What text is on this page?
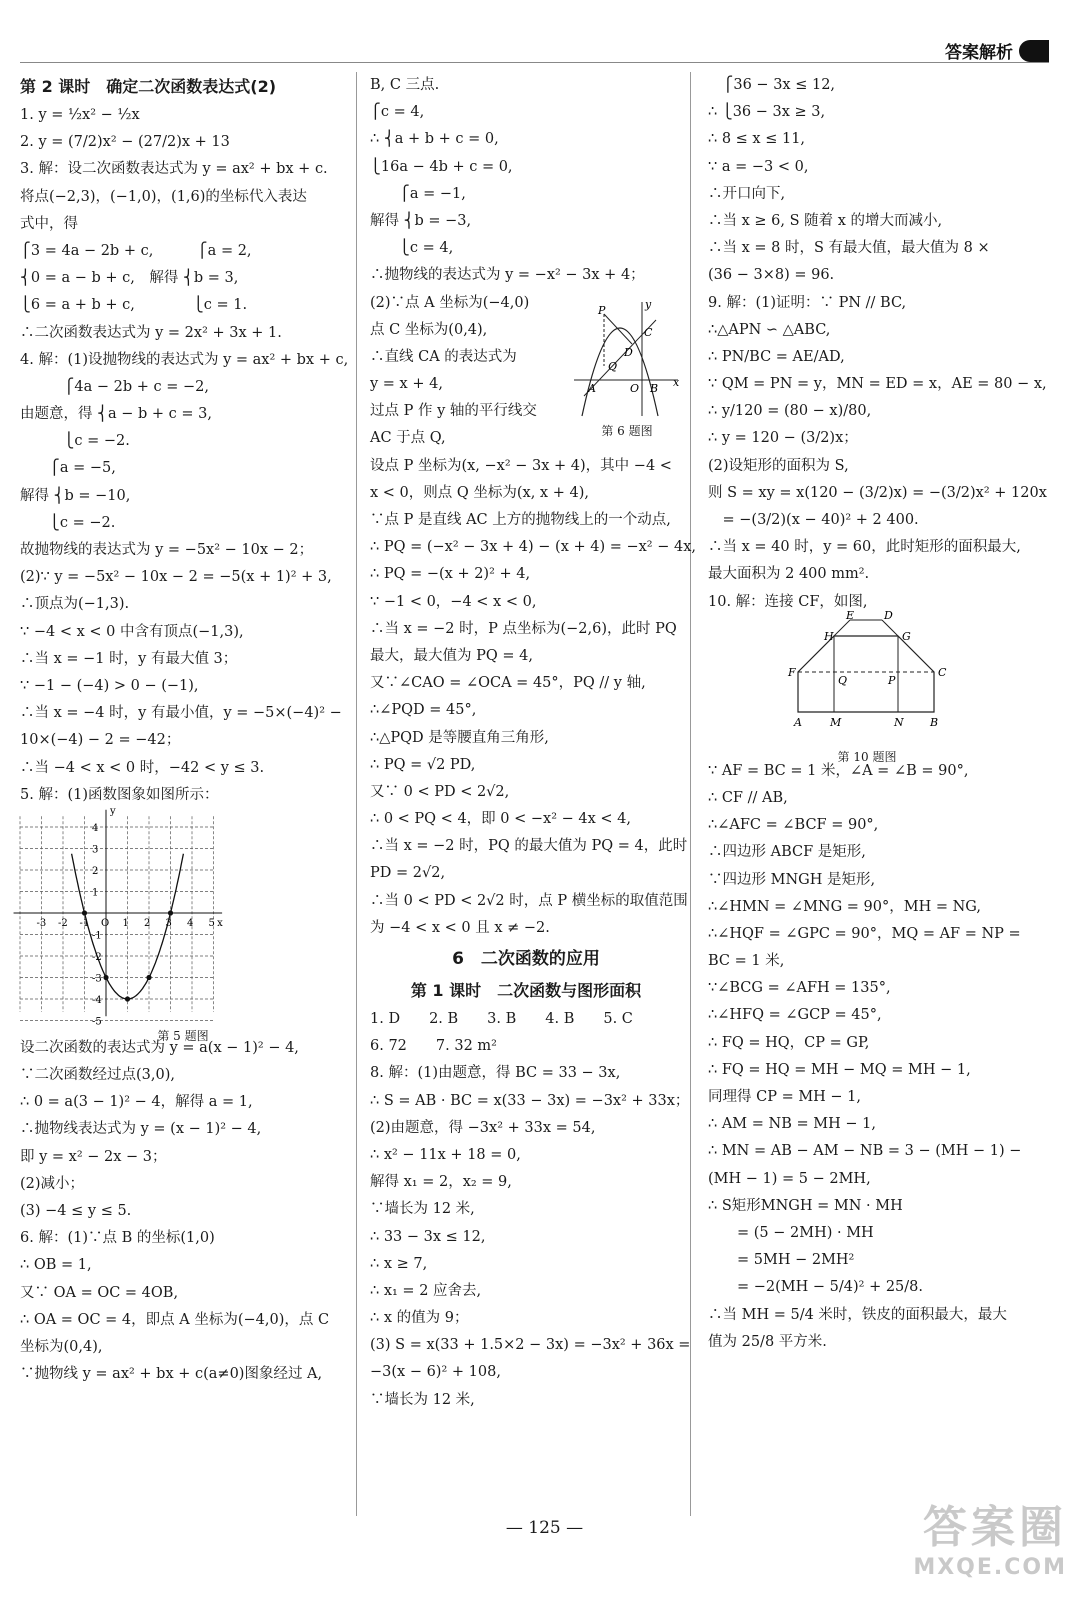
答案解析
第 2 课时　确定二次函数表达式(2)
1. y = ½x² − ½x
2. y = (7/2)x² − (27/2)x + 13
3. 解：设二次函数表达式为 y = ax² + bx + c.
将点(−2,3)，(−1,0)，(1,6)的坐标代入表达
式中，得
⎧3 = 4a − 2b + c,　　　⎧a = 2,
⎨0 = a − b + c,　解得 ⎨b = 3,
⎩6 = a + b + c,　　　　⎩c = 1.
∴二次函数表达式为 y = 2x² + 3x + 1.
4. 解：(1)设抛物线的表达式为 y = ax² + bx + c,
　　　⎧4a − 2b + c = −2,
由题意，得 ⎨a − b + c = 3,
　　　⎩c = −2.
　　⎧a = −5,
解得 ⎨b = −10,
　　⎩c = −2.
故抛物线的表达式为 y = −5x² − 10x − 2；
(2)∵ y = −5x² − 10x − 2 = −5(x + 1)² + 3,
∴顶点为(−1,3).
∵ −4 < x < 0 中含有顶点(−1,3),
∴当 x = −1 时，y 有最大值 3；
∵ −1 − (−4) > 0 − (−1),
∴当 x = −4 时，y 有最小值，y = −5×(−4)² −
10×(−4) − 2 = −42；
∴当 −4 < x < 0 时，−42 < y ≤ 3.
5. 解：(1)函数图象如图所示：
-3 -2 -1 O 1 2 3 4 5 x
4
3
2
1
-1
-2
-3
-4
-5
y
第 5 题图
设二次函数的表达式为 y = a(x − 1)² − 4,
∵二次函数经过点(3,0),
∴ 0 = a(3 − 1)² − 4，解得 a = 1,
∴抛物线表达式为 y = (x − 1)² − 4,
即 y = x² − 2x − 3；
(2)减小；
(3) −4 ≤ y ≤ 5.
6. 解：(1)∵点 B 的坐标(1,0)
∴ OB = 1,
又∵ OA = OC = 4OB,
∴ OA = OC = 4，即点 A 坐标为(−4,0)，点 C
坐标为(0,4),
∵抛物线 y = ax² + bx + c(a≠0)图象经过 A,
B, C 三点.
⎧c = 4,
∴ ⎨a + b + c = 0,
⎩16a − 4b + c = 0,
　　⎧a = −1,
解得 ⎨b = −3,
　　⎩c = 4,
∴抛物线的表达式为 y = −x² − 3x + 4；
(2)∵点 A 坐标为(−4,0)
点 C 坐标为(0,4),
∴直线 CA 的表达式为
y = x + 4,
过点 P 作 y 轴的平行线交
AC 于点 Q,
设点 P 坐标为(x, −x² − 3x + 4)，其中 −4 <
x < 0，则点 Q 坐标为(x, x + 4),
∵点 P 是直线 AC 上方的抛物线上的一个动点,
∴ PQ = (−x² − 3x + 4) − (x + 4) = −x² − 4x,
∴ PQ = −(x + 2)² + 4,
∵ −1 < 0，−4 < x < 0,
∴当 x = −2 时，P 点坐标为(−2,6)，此时 PQ
最大，最大值为 PQ = 4,
又∵∠CAO = ∠OCA = 45°，PQ // y 轴,
∴∠PQD = 45°,
∴△PQD 是等腰直角三角形,
∴ PQ = √2 PD,
又∵ 0 < PD < 2√2,
∴ 0 < PQ < 4，即 0 < −x² − 4x < 4,
∴当 x = −2 时，PQ 的最大值为 PQ = 4，此时
PD = 2√2,
∴当 0 < PD < 2√2 时，点 P 横坐标的取值范围
为 −4 < x < 0 且 x ≠ −2.
6　二次函数的应用
第 1 课时　二次函数与图形面积
1. D　　2. B　　3. B　　4. B　　5. C
6. 72　　7. 32 m²
8. 解：(1)由题意，得 BC = 33 − 3x,
∴ S = AB · BC = x(33 − 3x) = −3x² + 33x；
(2)由题意，得 −3x² + 33x = 54,
∴ x² − 11x + 18 = 0,
解得 x₁ = 2，x₂ = 9,
∵墙长为 12 米,
∴ 33 − 3x ≤ 12,
∴ x ≥ 7,
∴ x₁ = 2 应舍去,
∴ x 的值为 9；
(3) S = x(33 + 1.5×2 − 3x) = −3x² + 36x =
−3(x − 6)² + 108,
∵墙长为 12 米,
P
C
D
Q
A	O B x
y
第 6 题图
　⎧36 − 3x ≤ 12,
∴ ⎩36 − 3x ≥ 3,
∴ 8 ≤ x ≤ 11,
∵ a = −3 < 0,
∴开口向下,
∴当 x ≥ 6, S 随着 x 的增大而减小,
∴当 x = 8 时，S 有最大值，最大值为 8 ×
(36 − 3×8) = 96.
9. 解：(1)证明：∵ PN // BC,
∴△APN ∽ △ABC,
∴ PN/BC = AE/AD,
∵ QM = PN = y，MN = ED = x，AE = 80 − x,
∴ y/120 = (80 − x)/80,
∴ y = 120 − (3/2)x；
(2)设矩形的面积为 S,
则 S = xy = x(120 − (3/2)x) = −(3/2)x² + 120x
　= −(3/2)(x − 40)² + 2 400.
∴当 x = 40 时，y = 60，此时矩形的面积最大,
最大面积为 2 400 mm².
10. 解：连接 CF，如图,
H
E	D
G
F
Q	P
C
A	M	N B
第 10 题图
∵ AF = BC = 1 米，∠A = ∠B = 90°,
∴ CF // AB,
∴∠AFC = ∠BCF = 90°,
∴四边形 ABCF 是矩形,
∵四边形 MNGH 是矩形,
∴∠HMN = ∠MNG = 90°，MH = NG,
∴∠HQF = ∠GPC = 90°，MQ = AF = NP =
BC = 1 米,
∵∠BCG = ∠AFH = 135°,
∴∠HFQ = ∠GCP = 45°,
∴ FQ = HQ，CP = GP,
∴ FQ = HQ = MH − MQ = MH − 1,
同理得 CP = MH − 1,
∴ AM = NB = MH − 1,
∴ MN = AB − AM − NB = 3 − (MH − 1) −
(MH − 1) = 5 − 2MH,
∴ S矩形MNGH = MN · MH
　　= (5 − 2MH) · MH
　　= 5MH − 2MH²
　　= −2(MH − 5/4)² + 25/8.
∴当 MH = 5/4 米时，铁皮的面积最大，最大
值为 25/8 平方米.
— 125 —	答案圈
MXQE.COM
